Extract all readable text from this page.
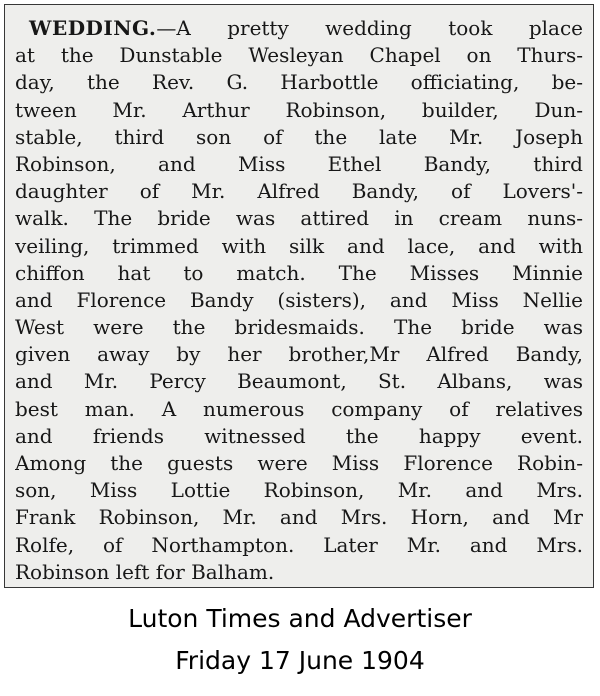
WEDDING.—A pretty wedding took place
at the Dunstable Wesleyan Chapel on Thurs-
day, the Rev. G. Harbottle officiating, be-
tween Mr. Arthur Robinson, builder, Dun-
stable, third son of the late Mr. Joseph
Robinson, and Miss Ethel Bandy, third
daughter of Mr. Alfred Bandy, of Lovers'-
walk. The bride was attired in cream nuns-
veiling, trimmed with silk and lace, and with
chiffon hat to match. The Misses Minnie
and Florence Bandy (sisters), and Miss Nellie
West were the bridesmaids. The bride was
given away by her brother,Mr Alfred Bandy,
and Mr. Percy Beaumont, St. Albans, was
best man. A numerous company of relatives
and friends witnessed the happy event.
Among the guests were Miss Florence Robin-
son, Miss Lottie Robinson, Mr. and Mrs.
Frank Robinson, Mr. and Mrs. Horn, and Mr
Rolfe, of Northampton. Later Mr. and Mrs.
Robinson left for Balham.
Luton Times and Advertiser
Friday 17 June 1904
